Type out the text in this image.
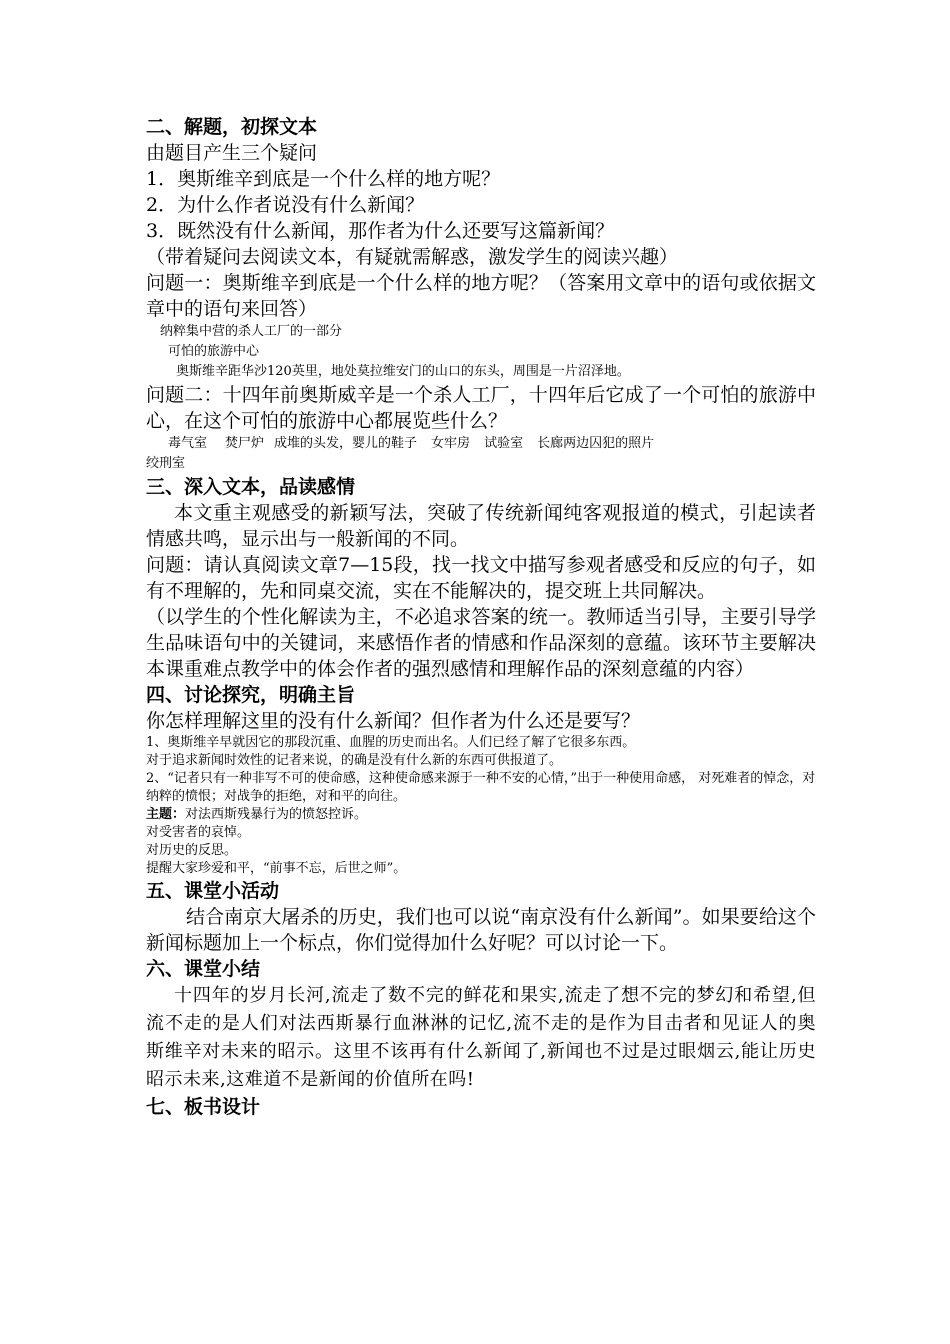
二、解题，初探文本

由题目产生三个疑问

1．奥斯维辛到底是一个什么样的地方呢？

2．为什么作者说没有什么新闻？

3．既然没有什么新闻，那作者为什么还要写这篇新闻？

（带着疑问去阅读文本，有疑就需解惑，激发学生的阅读兴趣）

问题一：奥斯维辛到底是一个什么样的地方呢？（答案用文章中的语句或依据文章中的语句来回答）

纳粹集中营的杀人工厂的一部分

可怕的旅游中心

奥斯维辛距华沙120英里，地处莫拉维安门的山口的东头，周围是一片沼泽地。

问题二：十四年前奥斯威辛是一个杀人工厂，十四年后它成了一个可怕的旅游中心，在这个可怕的旅游中心都展览些什么？

毒气室 焚尸炉 成堆的头发，婴儿的鞋子 女牢房 试验室 长廊两边囚犯的照片

绞刑室

三、深入文本，品读感情

本文重主观感受的新颖写法，突破了传统新闻纯客观报道的模式，引起读者情感共鸣，显示出与一般新闻的不同。

问题：请认真阅读文章7—15段，找一找文中描写参观者感受和反应的句子，如有不理解的，先和同桌交流，实在不能解决的，提交班上共同解决。

（以学生的个性化解读为主，不必追求答案的统一。教师适当引导，主要引导学生品味语句中的关键词，来感悟作者的情感和作品深刻的意蕴。该环节主要解决本课重难点教学中的体会作者的强烈感情和理解作品的深刻意蕴的内容）

四、讨论探究，明确主旨

你怎样理解这里的没有什么新闻？但作者为什么还是要写？

1、奥斯维辛早就因它的那段沉重、血腥的历史而出名。人们已经了解了它很多东西。

对于追求新闻时效性的记者来说，的确是没有什么新的东西可供报道了。

2、“记者只有一种非写不可的使命感，这种使命感来源于一种不安的心情，”出于一种使用命感， 对死难者的悼念，对纳粹的愤恨；对战争的拒绝，对和平的向往。

主题：对法西斯残暴行为的愤怒控诉。

对受害者的哀悼。

对历史的反思。

提醒大家珍爱和平，“前事不忘，后世之师”。

五、课堂小活动

结合南京大屠杀的历史，我们也可以说“南京没有什么新闻”。如果要给这个新闻标题加上一个标点，你们觉得加什么好呢？可以讨论一下。

六、课堂小结

十四年的岁月长河,流走了数不完的鲜花和果实,流走了想不完的梦幻和希望,但流不走的是人们对法西斯暴行血淋淋的记忆,流不走的是作为目击者和见证人的奥斯维辛对未来的昭示。这里不该再有什么新闻了,新闻也不过是过眼烟云,能让历史昭示未来,这难道不是新闻的价值所在吗!

七、板书设计
